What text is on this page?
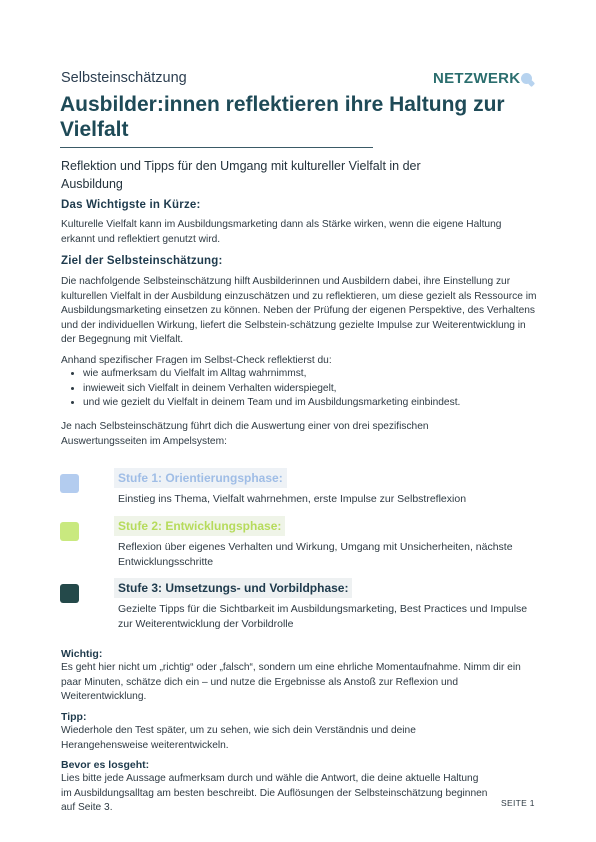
Selbsteinschätzung	NETZWERK
Ausbilder:innen reflektieren ihre Haltung zur Vielfalt
Reflektion und Tipps für den Umgang mit kultureller Vielfalt in der Ausbildung
Das Wichtigste in Kürze:
Kulturelle Vielfalt kann im Ausbildungsmarketing dann als Stärke wirken, wenn die eigene Haltung erkannt und reflektiert genutzt wird.
Ziel der Selbsteinschätzung:
Die nachfolgende Selbsteinschätzung hilft Ausbilderinnen und Ausbildern dabei, ihre Einstellung zur kulturellen Vielfalt in der Ausbildung einzuschätzen und zu reflektieren, um diese gezielt als Ressource im Ausbildungsmarketing einsetzen zu können. Neben der Prüfung der eigenen Perspektive, des Verhaltens und der individuellen Wirkung, liefert die Selbstein-schätzung gezielte Impulse zur Weiterentwicklung in der Begegnung mit Vielfalt.
Anhand spezifischer Fragen im Selbst-Check reflektierst du:
• wie aufmerksam du Vielfalt im Alltag wahrnimmst,
• inwieweit sich Vielfalt in deinem Verhalten widerspiegelt,
• und wie gezielt du Vielfalt in deinem Team und im Ausbildungsmarketing einbindest.
Je nach Selbsteinschätzung führt dich die Auswertung einer von drei spezifischen Auswertungsseiten im Ampelsystem:
Stufe 1: Orientierungsphase:
Einstieg ins Thema, Vielfalt wahrnehmen, erste Impulse zur Selbstreflexion
Stufe 2: Entwicklungsphase:
Reflexion über eigenes Verhalten und Wirkung, Umgang mit Unsicherheiten, nächste Entwicklungsschritte
Stufe 3: Umsetzungs- und Vorbildphase:
Gezielte Tipps für die Sichtbarkeit im Ausbildungsmarketing, Best Practices und Impulse zur Weiterentwicklung der Vorbildrolle
Wichtig:
Es geht hier nicht um „richtig“ oder „falsch“, sondern um eine ehrliche Momentaufnahme. Nimm dir ein paar Minuten, schätze dich ein – und nutze die Ergebnisse als Anstoß zur Reflexion und Weiterentwicklung.
Tipp:
Wiederhole den Test später, um zu sehen, wie sich dein Verständnis und deine Herangehensweise weiterentwickeln.
Bevor es losgeht:
Lies bitte jede Aussage aufmerksam durch und wähle die Antwort, die deine aktuelle Haltung im Ausbildungsalltag am besten beschreibt. Die Auflösungen der Selbsteinschätzung beginnen auf Seite 3.	SEITE 1
